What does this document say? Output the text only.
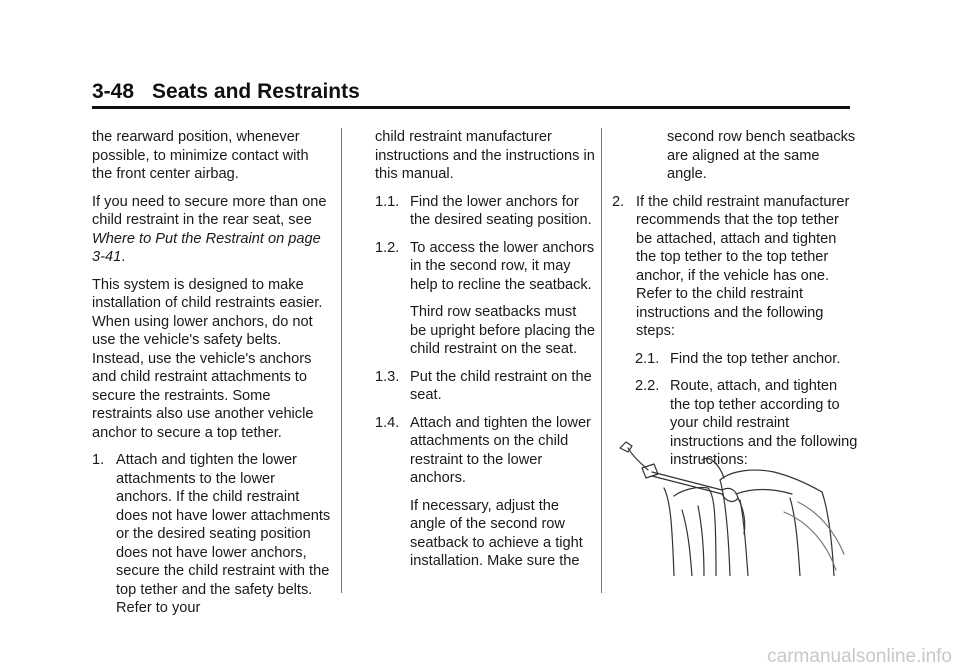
3-48 Seats and Restraints

the rearward position, whenever possible, to minimize contact with the front center airbag.

If you need to secure more than one child restraint in the rear seat, see Where to Put the Restraint on page 3-41.

This system is designed to make installation of child restraints easier. When using lower anchors, do not use the vehicle's safety belts. Instead, use the vehicle's anchors and child restraint attachments to secure the restraints. Some restraints also use another vehicle anchor to secure a top tether.

1. Attach and tighten the lower attachments to the lower anchors. If the child restraint does not have lower attachments or the desired seating position does not have lower anchors, secure the child restraint with the top tether and the safety belts. Refer to your

child restraint manufacturer instructions and the instructions in this manual.

1.1. Find the lower anchors for the desired seating position.
1.2. To access the lower anchors in the second row, it may help to recline the seatback.

Third row seatbacks must be upright before placing the child restraint on the seat.

1.3. Put the child restraint on the seat.
1.4. Attach and tighten the lower attachments on the child restraint to the lower anchors.

If necessary, adjust the angle of the second row seatback to achieve a tight installation. Make sure the

second row bench seatbacks are aligned at the same angle.

2. If the child restraint manufacturer recommends that the top tether be attached, attach and tighten the top tether to the top tether anchor, if the vehicle has one. Refer to the child restraint instructions and the following steps:
2.1. Find the top tether anchor.
2.2. Route, attach, and tighten the top tether according to your child restraint instructions and the following instructions:
carmanualsonline.info
